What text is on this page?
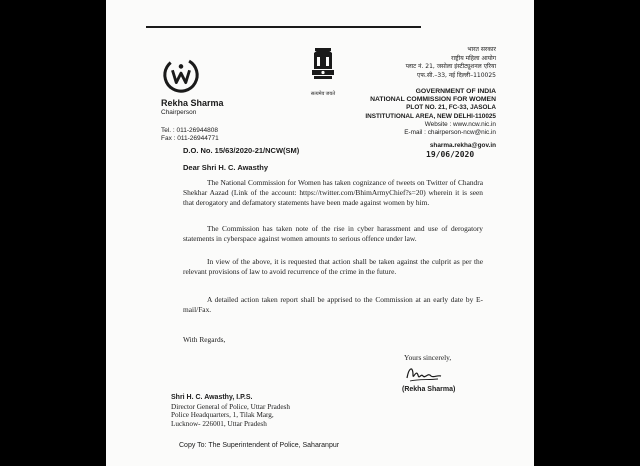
Rekha Sharma
Chairperson
Tel. : 011-26944808
Fax : 011-26944771
सत्यमेव जयते
भारत सरकार
राष्ट्रीय महिला आयोग
प्लाट नं. 21, जसोला इंस्टीट्यूशनल एरिया
एफ.सी.–33, नई दिल्ली–110025
GOVERNMENT OF INDIA
NATIONAL COMMISSION FOR WOMEN
PLOT NO. 21, FC-33, JASOLA
INSTITUTIONAL AREA, NEW DELHI-110025
Website : www.ncw.nic.in
E-mail : chairperson-ncw@nic.in
sharma.rekha@gov.in
19/06/2020
D.O. No. 15/63/2020-21/NCW(SM)
Dear Shri H. C. Awasthy
The National Commission for Women has taken cognizance of tweets on Twitter of Chandra Shekhar Aazad (Link of the account: https://twitter.com/BhimArmyChief?s=20) wherein it is seen that derogatory and defamatory statements have been made against women by him.
The Commission has taken note of the rise in cyber harassment and use of derogatory statements in cyberspace against women amounts to serious offence under law.
In view of the above, it is requested that action shall be taken against the culprit as per the relevant provisions of law to avoid recurrence of the crime in the future.
A detailed action taken report shall be apprised to the Commission at an early date by E-mail/Fax.
With Regards,
Yours sincerely,
(Rekha Sharma)
Shri H. C. Awasthy, I.P.S.
Director General of Police, Uttar Pradesh
Police Headquarters, 1, Tilak Marg,
Lucknow- 226001, Uttar Pradesh
Copy To: The Superintendent of Police, Saharanpur
